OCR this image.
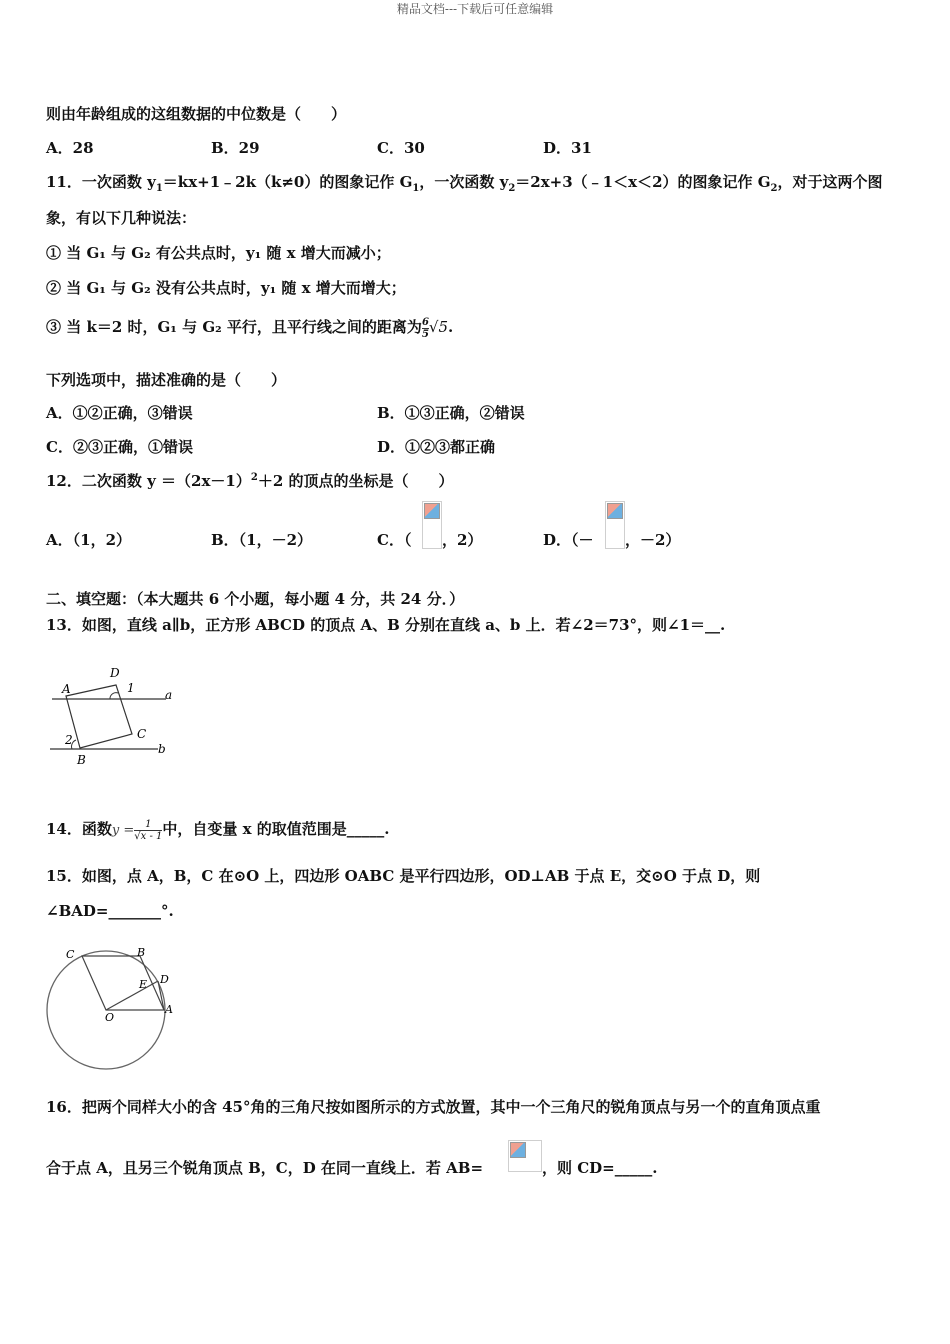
精品文档---下载后可任意编辑
则由年龄组成的这组数据的中位数是（　　）
A．28	B．29	C．30	D．31
11．一次函数 $y_1=kx+1﹣2k(k\ne 0)$的图象记作 $G_1$，一次函数 $y_2=2x+3(﹣1<x<2)$的图象记作 $G_2$，对于这两个图
象，有以下几种说法：
① 当 G₁ 与 G₂ 有公共点时，y₁ 随 x 增大而减小；
② 当 G₁ 与 G₂ 没有公共点时，y₁ 随 x 增大而增大；
③ 当 k＝2 时，G₁ 与 G₂ 平行，且平行线之间的距离为 $\frac{6}{5} √5$.
下列选项中，描述准确的是（　　）
A．①②正确，③错误	B．①③正确，②错误
C．②③正确，①错误	D．①②③都正确
12．二次函数 $y =(2x-1)^2+2$ 的顶点的坐标是（　　）
A．（1，2）	B．（1，－2）	C．（ ，2）	D．（－ ，－2）
二、填空题：（本大题共 6 个小题，每小题 4 分，共 24 分．）
13．如图，直线 a∥b，正方形 ABCD 的顶点 A、B 分别在直线 a、b 上．若∠2＝73°，则∠1＝__.
A
D
1	a
C
2
b
B
14．函数$y = \frac{1}{√x - 1}$ 中，自变量 x 的取值范围是_____.
15．如图，点 A，B，C 在⊙O 上，四边形 OABC 是平行四边形，OD⊥AB 于点 E，交⊙O 于点 D，则
∠BAD=_______°.
C	B
D
E
A
O
16．把两个同样大小的含 45°角的三角尺按如图所示的方式放置，其中一个三角尺的锐角顶点与另一个的直角顶点重
合于点 A，且另三个锐角顶点 B，C，D 在同一直线上．若 AB=	，则 CD=_____.
